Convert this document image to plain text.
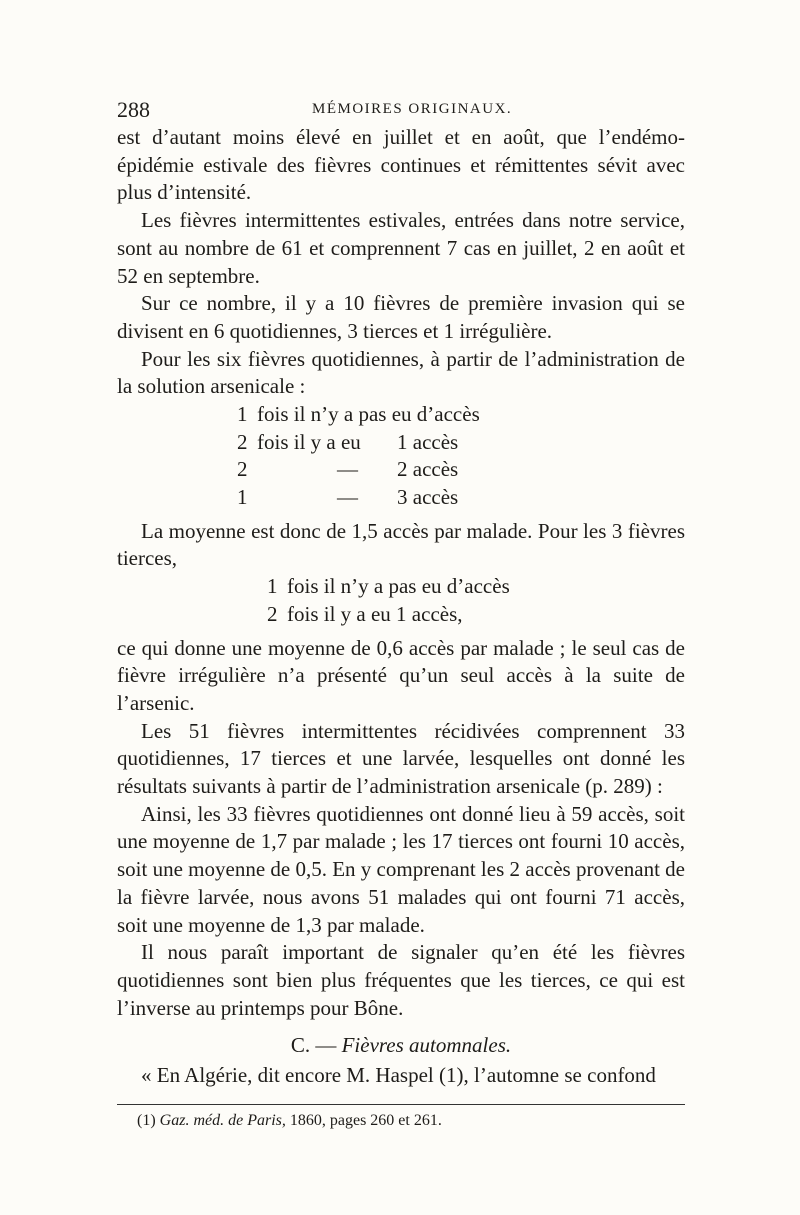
288	MÉMOIRES ORIGINAUX.

est d’autant moins élevé en juillet et en août, que l’endémo-épidémie estivale des fièvres continues et rémittentes sévit avec plus d’intensité.

Les fièvres intermittentes estivales, entrées dans notre service, sont au nombre de 61 et comprennent 7 cas en juillet, 2 en août et 52 en septembre.

Sur ce nombre, il y a 10 fièvres de première invasion qui se divisent en 6 quotidiennes, 3 tierces et 1 irrégulière.

Pour les six fièvres quotidiennes, à partir de l’administration de la solution arsenicale :

1 fois il n’y a pas eu d’accès
2 fois il y a eu 1 accès
2	— 2 accès
1	— 3 accès

La moyenne est donc de 1,5 accès par malade. Pour les 3 fièvres tierces,

1 fois il n’y a pas eu d’accès
2 fois il y a eu 1 accès,

ce qui donne une moyenne de 0,6 accès par malade ; le seul cas de fièvre irrégulière n’a présenté qu’un seul accès à la suite de l’arsenic.

Les 51 fièvres intermittentes récidivées comprennent 33 quotidiennes, 17 tierces et une larvée, lesquelles ont donné les résultats suivants à partir de l’administration arsenicale (p. 289) :

Ainsi, les 33 fièvres quotidiennes ont donné lieu à 59 accès, soit une moyenne de 1,7 par malade ; les 17 tierces ont fourni 10 accès, soit une moyenne de 0,5. En y comprenant les 2 accès provenant de la fièvre larvée, nous avons 51 malades qui ont fourni 71 accès, soit une moyenne de 1,3 par malade.

Il nous paraît important de signaler qu’en été les fièvres quotidiennes sont bien plus fréquentes que les tierces, ce qui est l’inverse au printemps pour Bône.

C. — Fièvres automnales.

« En Algérie, dit encore M. Haspel (1), l’automne se confond

(1) Gaz. méd. de Paris, 1860, pages 260 et 261.
